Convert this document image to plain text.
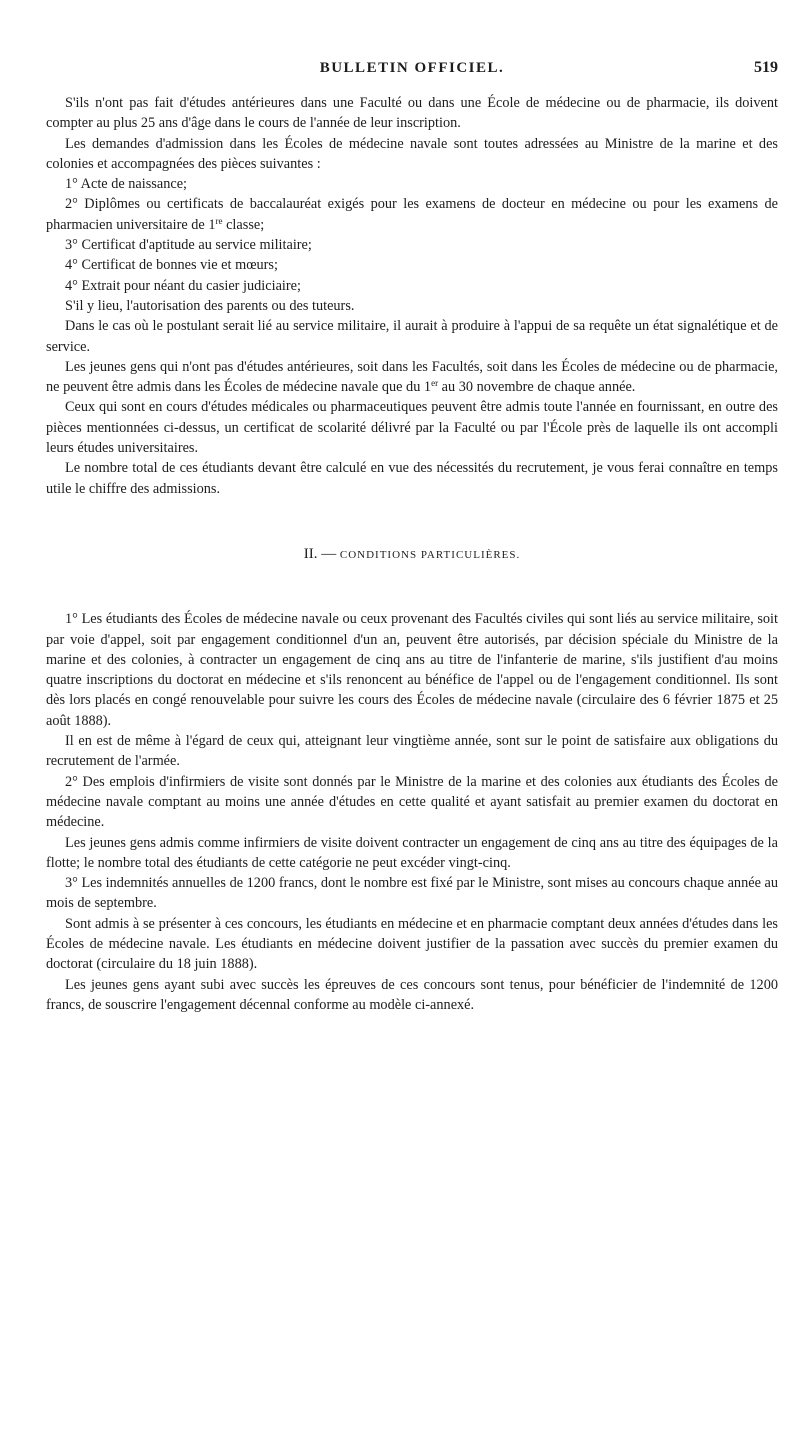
BULLETIN OFFICIEL.	519

S'ils n'ont pas fait d'études antérieures dans une Faculté ou dans une École de médecine ou de pharmacie, ils doivent compter au plus 25 ans d'âge dans le cours de l'année de leur inscription.

Les demandes d'admission dans les Écoles de médecine navale sont toutes adressées au Ministre de la marine et des colonies et accompagnées des pièces suivantes :

1° Acte de naissance;

2° Diplômes ou certificats de baccalauréat exigés pour les examens de docteur en médecine ou pour les examens de pharmacien universitaire de 1re classe;

3° Certificat d'aptitude au service militaire;

4° Certificat de bonnes vie et mœurs;

4° Extrait pour néant du casier judiciaire;

S'il y lieu, l'autorisation des parents ou des tuteurs.

Dans le cas où le postulant serait lié au service militaire, il aurait à produire à l'appui de sa requête un état signalétique et de service.

Les jeunes gens qui n'ont pas d'études antérieures, soit dans les Facultés, soit dans les Écoles de médecine ou de pharmacie, ne peuvent être admis dans les Écoles de médecine navale que du 1er au 30 novembre de chaque année.

Ceux qui sont en cours d'études médicales ou pharmaceutiques peuvent être admis toute l'année en fournissant, en outre des pièces mentionnées ci-dessus, un certificat de scolarité délivré par la Faculté ou par l'École près de laquelle ils ont accompli leurs études universitaires.

Le nombre total de ces étudiants devant être calculé en vue des nécessités du recrutement, je vous ferai connaître en temps utile le chiffre des admissions.

II. — CONDITIONS PARTICULIÈRES.

1° Les étudiants des Écoles de médecine navale ou ceux provenant des Facultés civiles qui sont liés au service militaire, soit par voie d'appel, soit par engagement conditionnel d'un an, peuvent être autorisés, par décision spéciale du Ministre de la marine et des colonies, à contracter un engagement de cinq ans au titre de l'infanterie de marine, s'ils justifient d'au moins quatre inscriptions du doctorat en médecine et s'ils renoncent au bénéfice de l'appel ou de l'engagement conditionnel. Ils sont dès lors placés en congé renouvelable pour suivre les cours des Écoles de médecine navale (circulaire des 6 février 1875 et 25 août 1888).

Il en est de même à l'égard de ceux qui, atteignant leur vingtième année, sont sur le point de satisfaire aux obligations du recrutement de l'armée.

2° Des emplois d'infirmiers de visite sont donnés par le Ministre de la marine et des colonies aux étudiants des Écoles de médecine navale comptant au moins une année d'études en cette qualité et ayant satisfait au premier examen du doctorat en médecine.

Les jeunes gens admis comme infirmiers de visite doivent contracter un engagement de cinq ans au titre des équipages de la flotte; le nombre total des étudiants de cette catégorie ne peut excéder vingt-cinq.

3° Les indemnités annuelles de 1200 francs, dont le nombre est fixé par le Ministre, sont mises au concours chaque année au mois de septembre.

Sont admis à se présenter à ces concours, les étudiants en médecine et en pharmacie comptant deux années d'études dans les Écoles de médecine navale. Les étudiants en médecine doivent justifier de la passation avec succès du premier examen du doctorat (circulaire du 18 juin 1888).

Les jeunes gens ayant subi avec succès les épreuves de ces concours sont tenus, pour bénéficier de l'indemnité de 1200 francs, de souscrire l'engagement décennal conforme au modèle ci-annexé.
